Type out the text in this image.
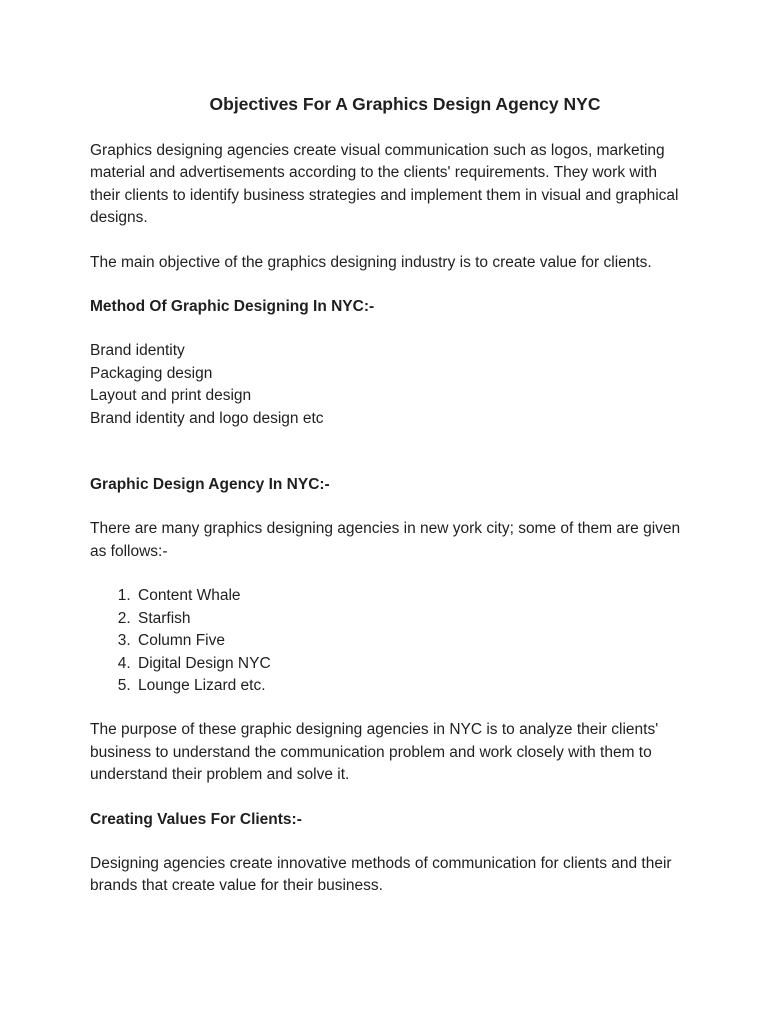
Objectives For A Graphics Design Agency NYC

Graphics designing agencies create visual communication such as logos, marketing material and advertisements according to the clients' requirements. They work with their clients to identify business strategies and implement them in visual and graphical designs.

The main objective of the graphics designing industry is to create value for clients.

Method Of Graphic Designing In NYC:-
Brand identity
Packaging design
Layout and print design
Brand identity and logo design etc
Graphic Design Agency In NYC:-

There are many graphics designing agencies in new york city; some of them are given as follows:-

1. Content Whale
2. Starfish
3. Column Five
4. Digital Design NYC
5. Lounge Lizard etc.

The purpose of these graphic designing agencies in NYC is to analyze their clients' business to understand the communication problem and work closely with them to understand their problem and solve it.

Creating Values For Clients:-

Designing agencies create innovative methods of communication for clients and their brands that create value for their business.
